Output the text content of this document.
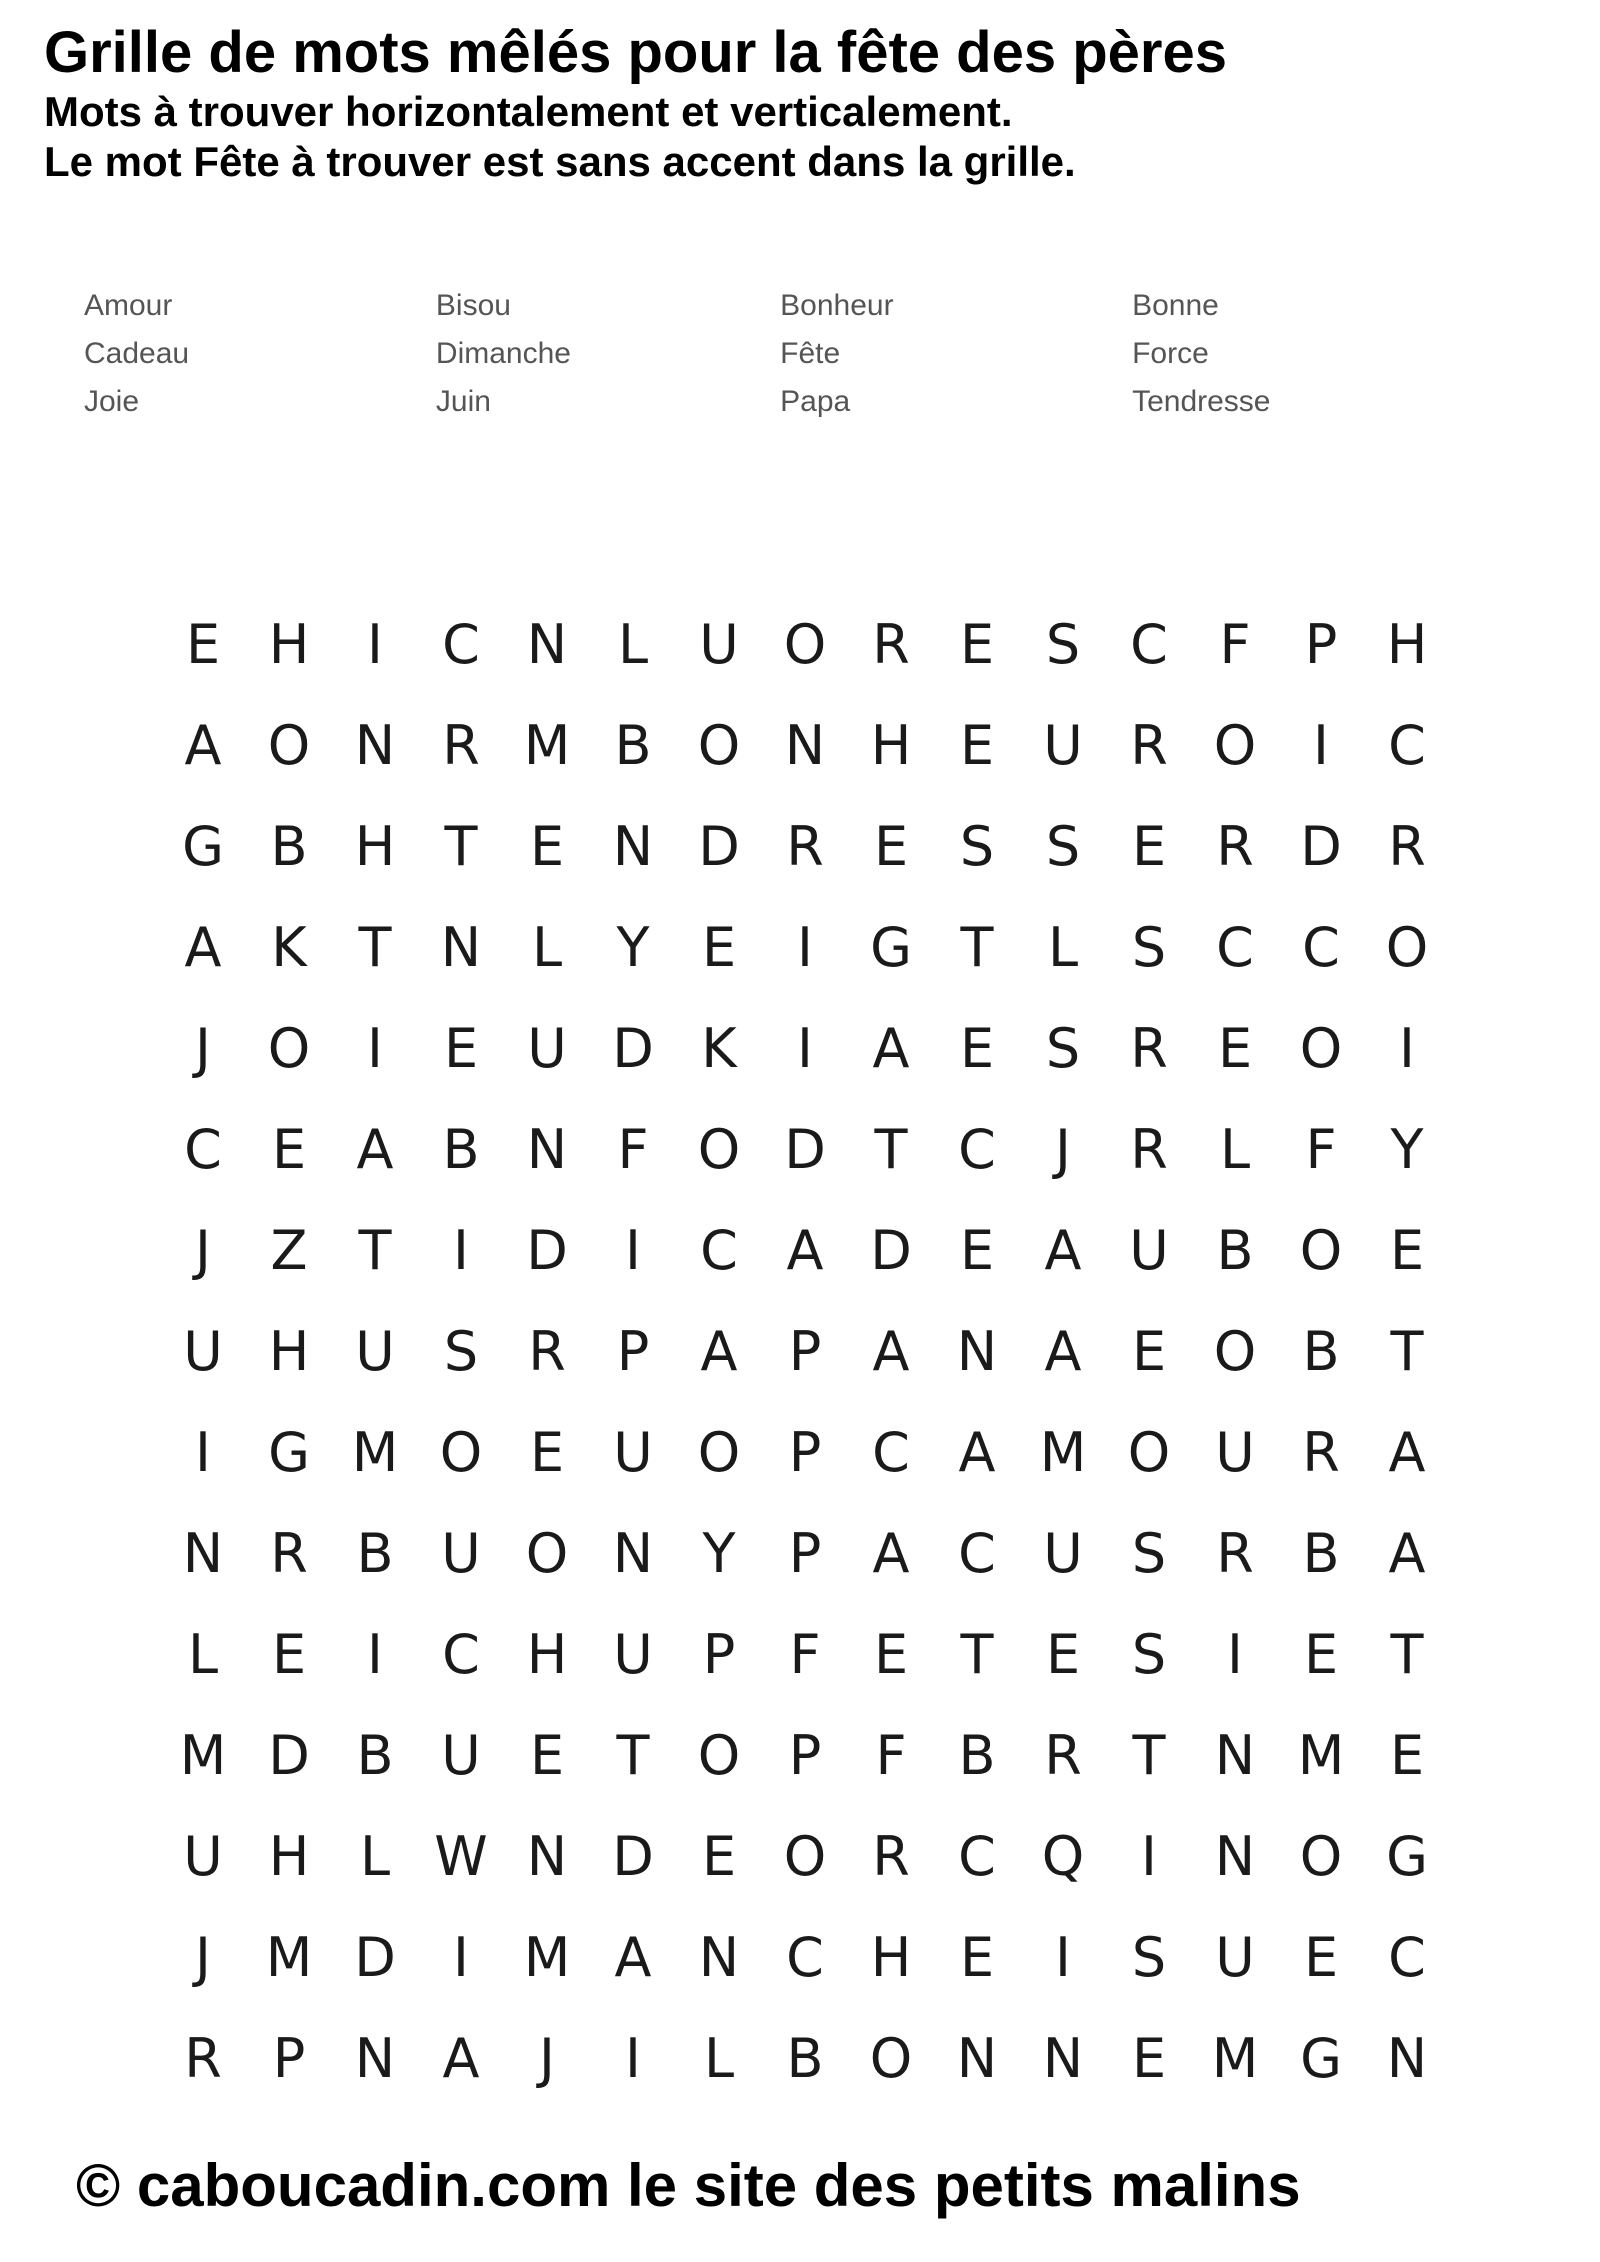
Grille de mots mêlés pour la fête des pères
Mots à trouver horizontalement et verticalement.
Le mot Fête à trouver est sans accent dans la grille.
Amour	Bisou	Bonheur	Bonne
Cadeau	Dimanche	Fête	Force
Joie	Juin	Papa	Tendresse
E H	I	C N L U O R E S C F	P H
A O N R M B O N H E U R O	I	C
G B H T E N D R E S S E R D R
A K T N L	Y E	I	G T	L S C C O
J	O	I	E U D K	I	A E S R E O	I
C E A B N F O D T C	J	R L	F Y
J	Z T	I	D	I	C A D E A U B O E
U H U S R P A P A N A E O B T
I	G M O E U O P C A M O U R A
N R B U O N Y P A C U S R B A
L E	I	C H U P	F E T E S	I	E T
M D B U E T O P	F B R T N M E
U H L W N D E O R C Q	I	N O G
J	M D	I	M A N C H E	I	S U E C
R P N A	J	I	L B O N N E M G N
© caboucadin.com le site des petits malins
